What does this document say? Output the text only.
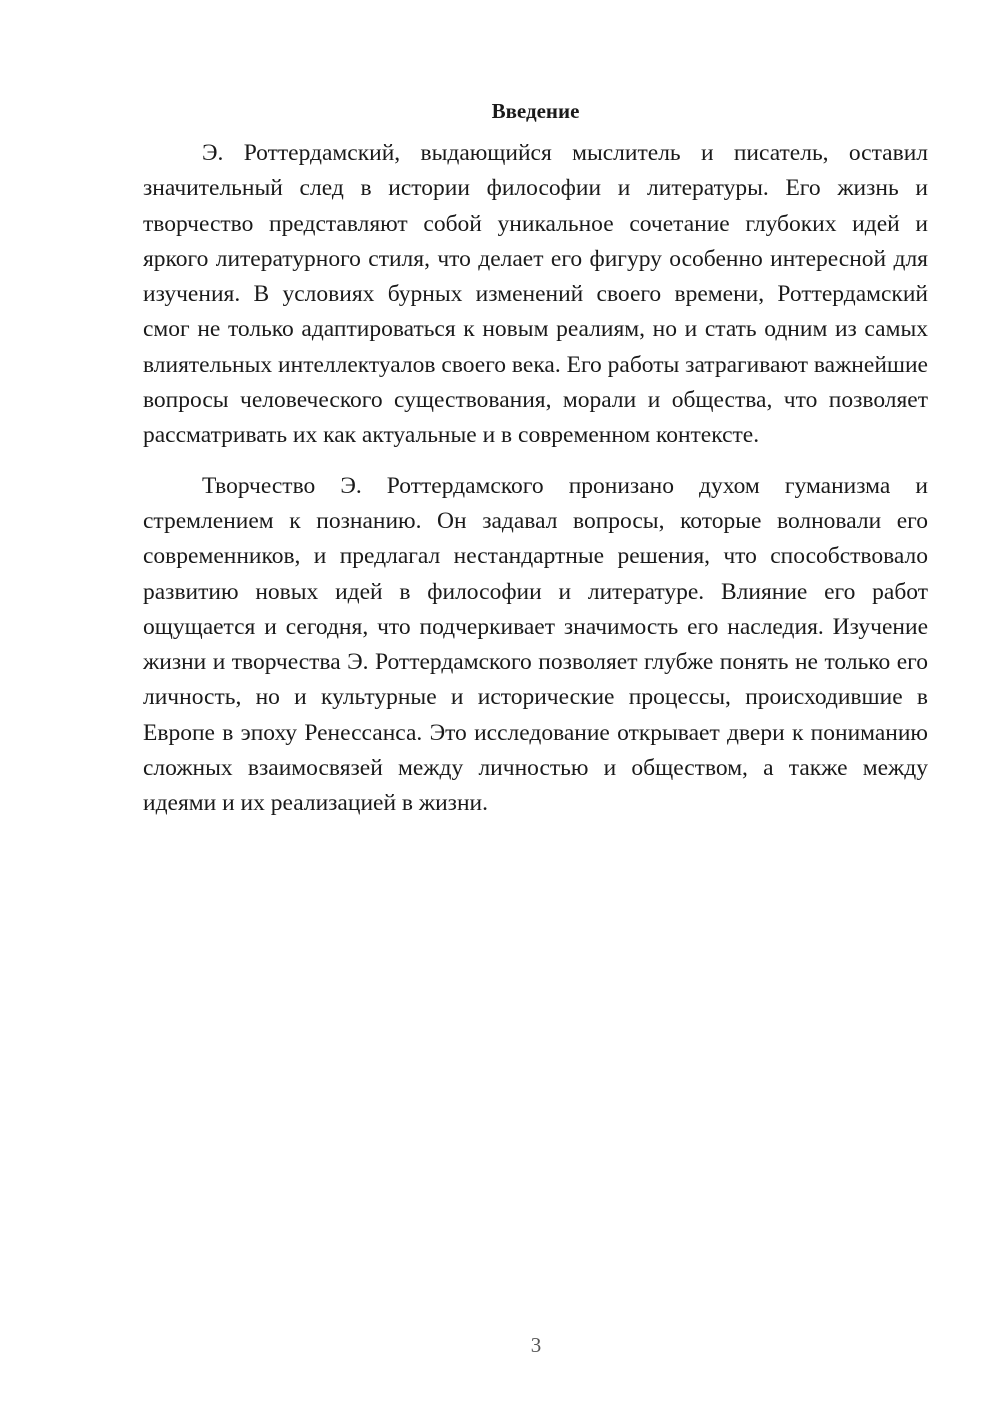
Введение

Э. Роттердамский, выдающийся мыслитель и писатель, оставил значительный след в истории философии и литературы. Его жизнь и творчество представляют собой уникальное сочетание глубоких идей и яркого литературного стиля, что делает его фигуру особенно интересной для изучения. В условиях бурных изменений своего времени, Роттердамский смог не только адаптироваться к новым реалиям, но и стать одним из самых влиятельных интеллектуалов своего века. Его работы затрагивают важнейшие вопросы человеческого существования, морали и общества, что позволяет рассматривать их как актуальные и в современном контексте.

Творчество Э. Роттердамского пронизано духом гуманизма и стремлением к познанию. Он задавал вопросы, которые волновали его современников, и предлагал нестандартные решения, что способствовало развитию новых идей в философии и литературе. Влияние его работ ощущается и сегодня, что подчеркивает значимость его наследия. Изучение жизни и творчества Э. Роттердамского позволяет глубже понять не только его личность, но и культурные и исторические процессы, происходившие в Европе в эпоху Ренессанса. Это исследование открывает двери к пониманию сложных взаимосвязей между личностью и обществом, а также между идеями и их реализацией в жизни.

3
